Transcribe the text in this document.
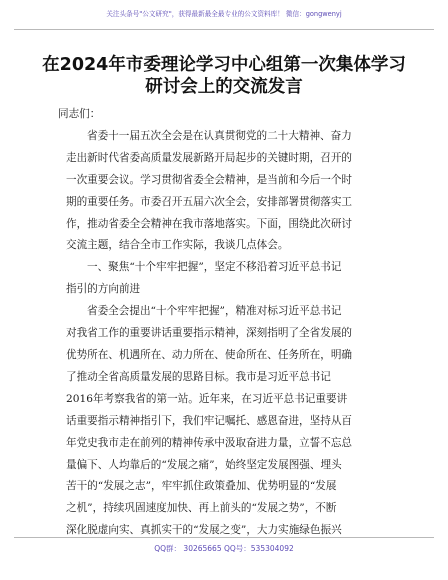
关注头条号"公文研究"，获得最新最全最专业的公文资料库！ 微信：gongwenyj
在2024年市委理论学习中心组第一次集体学习
研讨会上的交流发言
同志们：
省委十一届五次全会是在认真贯彻党的二十大精神、奋力
走出新时代省委高质量发展新路开局起步的关键时期，召开的
一次重要会议。学习贯彻省委全会精神，是当前和今后一个时
期的重要任务。市委召开五届六次全会，安排部署贯彻落实工
作，推动省委全会精神在我市落地落实。下面，围绕此次研讨
交流主题，结合全市工作实际，我谈几点体会。
一、聚焦“十个牢牢把握”，坚定不移沿着习近平总书记
指引的方向前进
省委全会提出“十个牢牢把握”，精准对标习近平总书记
对我省工作的重要讲话重要指示精神，深刻指明了全省发展的
优势所在、机遇所在、动力所在、使命所在、任务所在，明确
了推动全省高质量发展的思路目标。我市是习近平总书记
2016年考察我省的第一站。近年来，在习近平总书记重要讲
话重要指示精神指引下，我们牢记嘱托、感恩奋进，坚持从百
年党史我市走在前列的精神传承中汲取奋进力量，立誓不忘总
量偏下、人均靠后的“发展之痛”，始终坚定发展图强、埋头
苦干的“发展之志”，牢牢抓住政策叠加、优势明显的“发展
之机”，持续巩固速度加快、再上前头的“发展之势”，不断
深化脱虚向实、真抓实干的“发展之变”，大力实施绿色振兴
QQ群： 30265665 QQ号：535304092
